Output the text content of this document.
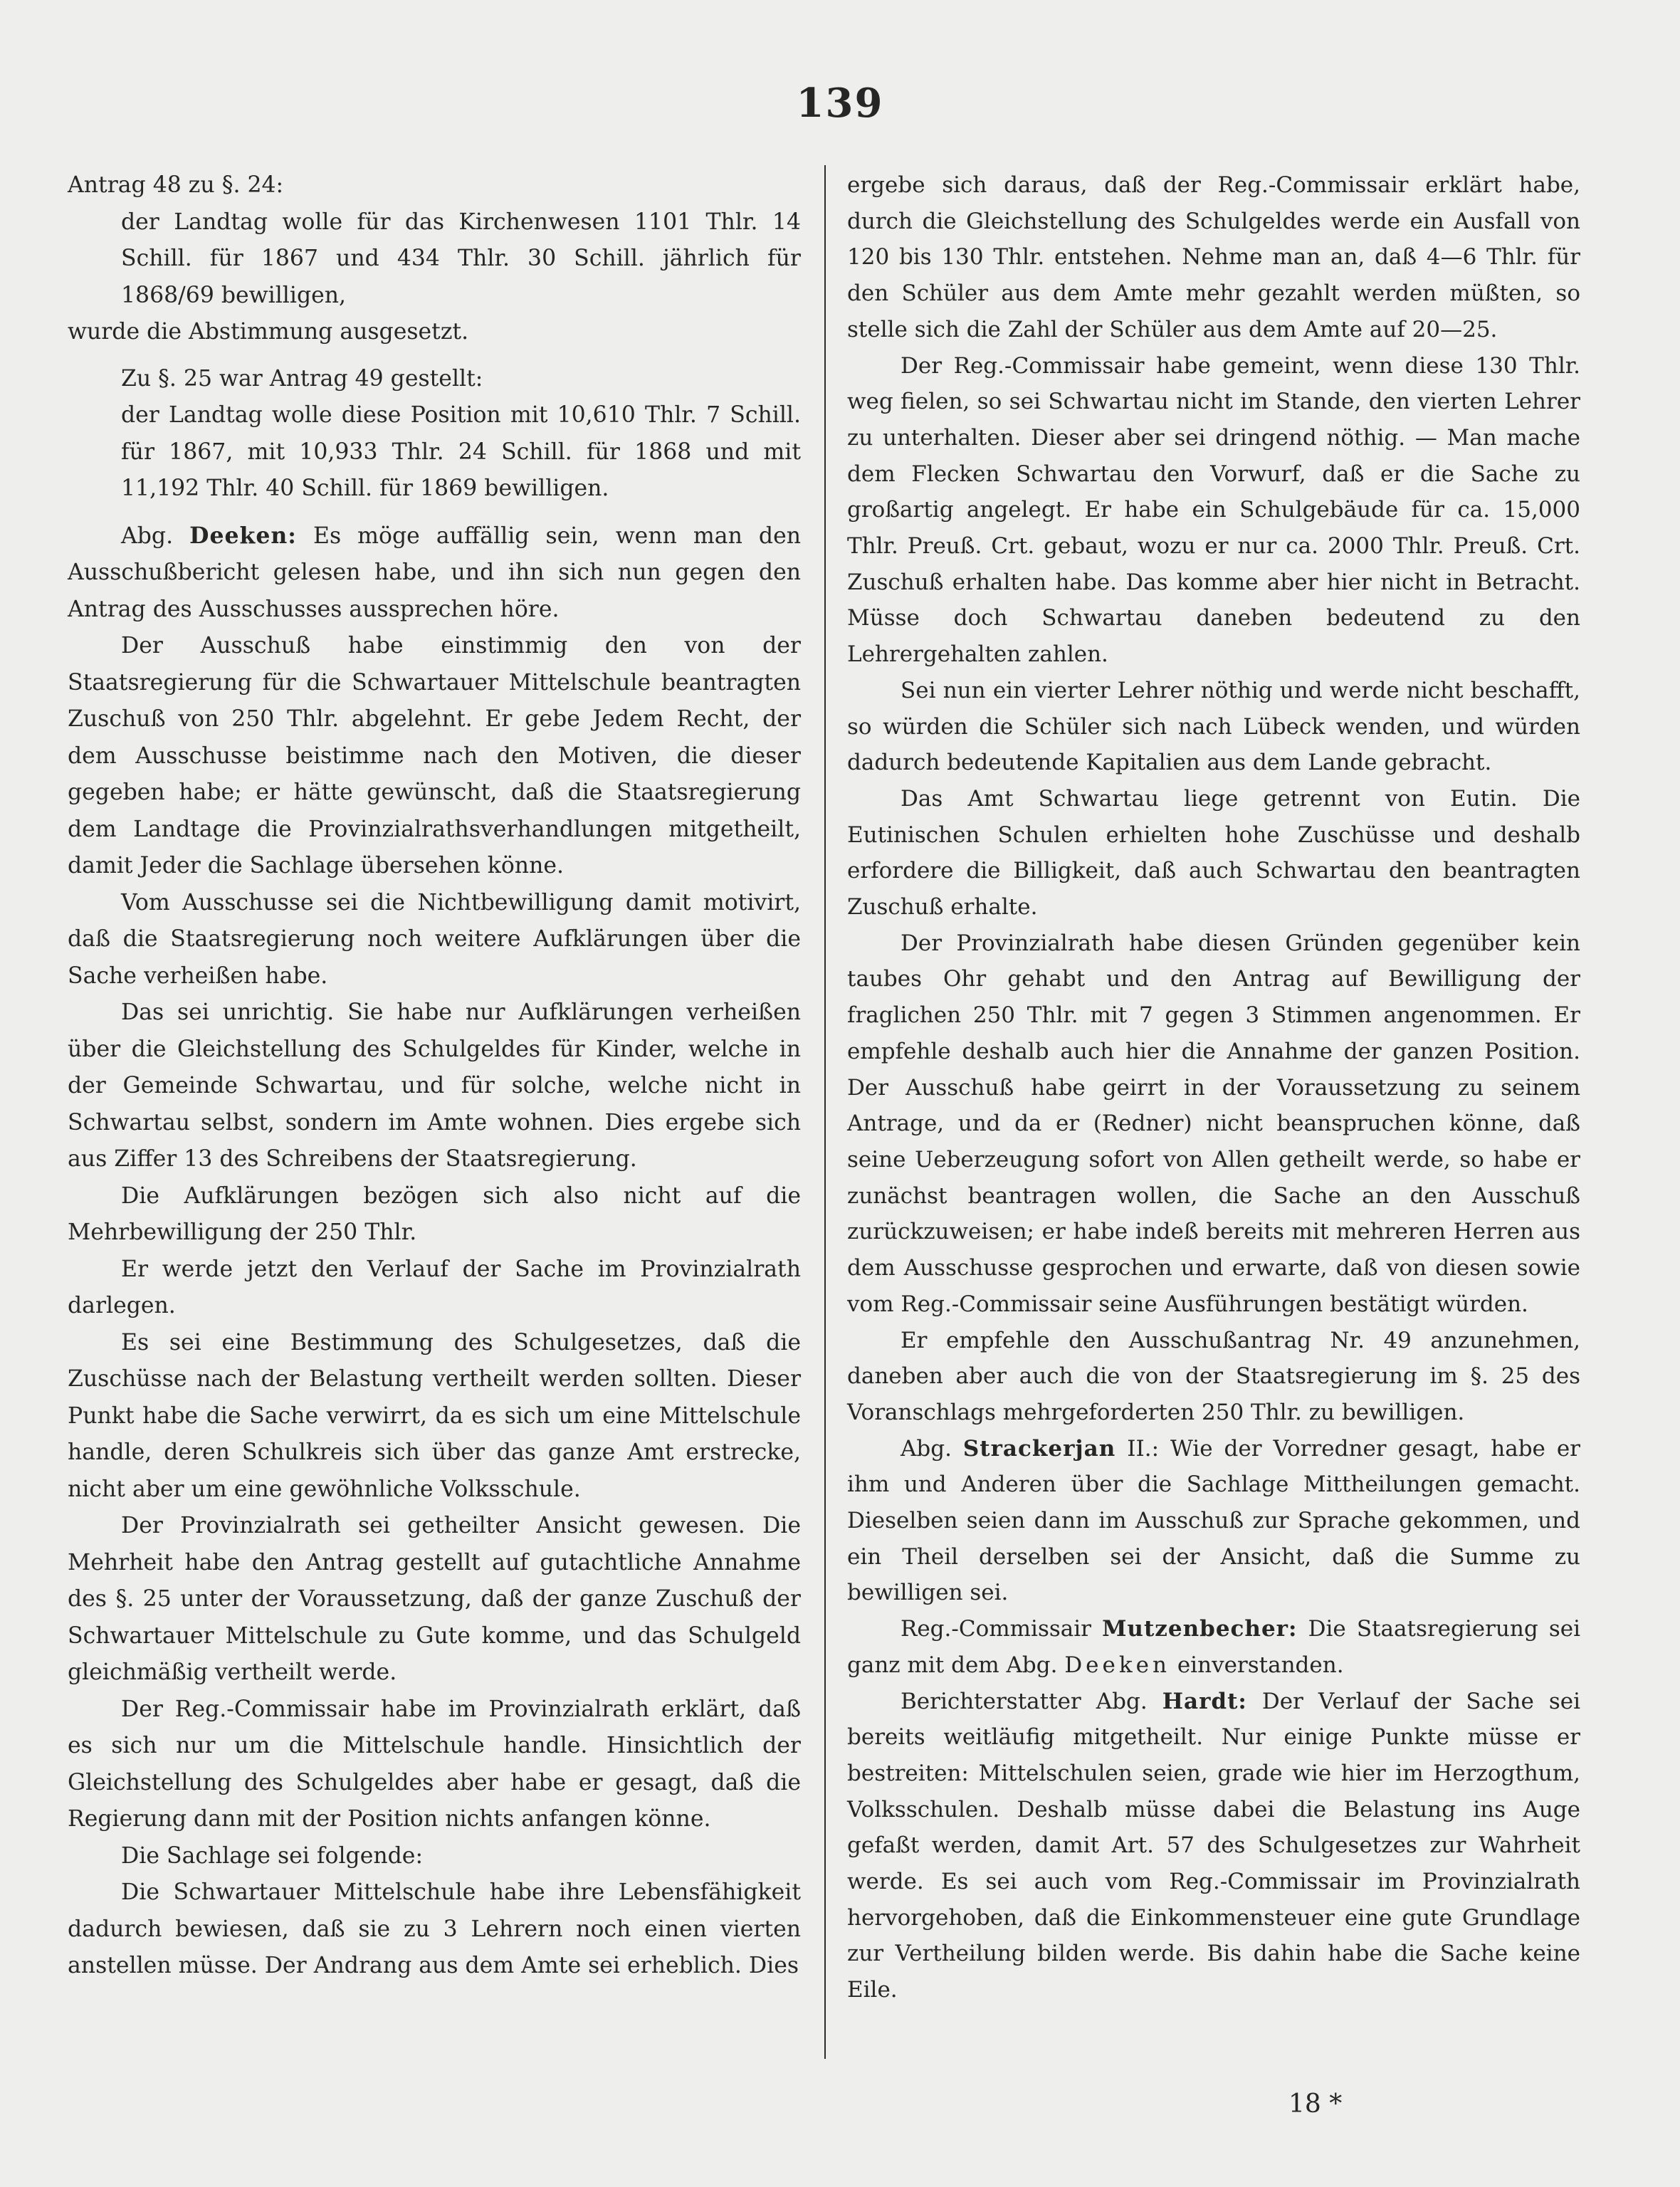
139
Antrag 48 zu §. 24:
der Landtag wolle für das Kirchenwesen 1101 Thlr. 14 Schill. für 1867 und 434 Thlr. 30 Schill. jährlich für 1868/69 bewilligen,
wurde die Abstimmung ausgesetzt.
Zu §. 25 war Antrag 49 gestellt:
der Landtag wolle diese Position mit 10,610 Thlr. 7 Schill. für 1867, mit 10,933 Thlr. 24 Schill. für 1868 und mit 11,192 Thlr. 40 Schill. für 1869 bewilligen.
Abg. Deeken: Es möge auffällig sein, wenn man den Ausschußbericht gelesen habe, und ihn sich nun gegen den Antrag des Ausschusses aussprechen höre.
Der Ausschuß habe einstimmig den von der Staatsregierung für die Schwartauer Mittelschule beantragten Zuschuß von 250 Thlr. abgelehnt. Er gebe Jedem Recht, der dem Ausschusse beistimme nach den Motiven, die dieser gegeben habe; er hätte gewünscht, daß die Staatsregierung dem Landtage die Provinzialrathsverhandlungen mitgetheilt, damit Jeder die Sachlage übersehen könne.
Vom Ausschusse sei die Nichtbewilligung damit motivirt, daß die Staatsregierung noch weitere Aufklärungen über die Sache verheißen habe.
Das sei unrichtig. Sie habe nur Aufklärungen verheißen über die Gleichstellung des Schulgeldes für Kinder, welche in der Gemeinde Schwartau, und für solche, welche nicht in Schwartau selbst, sondern im Amte wohnen. Dies ergebe sich aus Ziffer 13 des Schreibens der Staatsregierung.
Die Aufklärungen bezögen sich also nicht auf die Mehrbewilligung der 250 Thlr.
Er werde jetzt den Verlauf der Sache im Provinzialrath darlegen.
Es sei eine Bestimmung des Schulgesetzes, daß die Zuschüsse nach der Belastung vertheilt werden sollten. Dieser Punkt habe die Sache verwirrt, da es sich um eine Mittelschule handle, deren Schulkreis sich über das ganze Amt erstrecke, nicht aber um eine gewöhnliche Volksschule.
Der Provinzialrath sei getheilter Ansicht gewesen. Die Mehrheit habe den Antrag gestellt auf gutachtliche Annahme des §. 25 unter der Voraussetzung, daß der ganze Zuschuß der Schwartauer Mittelschule zu Gute komme, und das Schulgeld gleichmäßig vertheilt werde.
Der Reg.-Commissair habe im Provinzialrath erklärt, daß es sich nur um die Mittelschule handle. Hinsichtlich der Gleichstellung des Schulgeldes aber habe er gesagt, daß die Regierung dann mit der Position nichts anfangen könne.
Die Sachlage sei folgende:
Die Schwartauer Mittelschule habe ihre Lebensfähigkeit dadurch bewiesen, daß sie zu 3 Lehrern noch einen vierten anstellen müsse. Der Andrang aus dem Amte sei erheblich. Dies
ergebe sich daraus, daß der Reg.-Commissair erklärt habe, durch die Gleichstellung des Schulgeldes werde ein Ausfall von 120 bis 130 Thlr. entstehen. Nehme man an, daß 4—6 Thlr. für den Schüler aus dem Amte mehr gezahlt werden müßten, so stelle sich die Zahl der Schüler aus dem Amte auf 20—25.
Der Reg.-Commissair habe gemeint, wenn diese 130 Thlr. weg fielen, so sei Schwartau nicht im Stande, den vierten Lehrer zu unterhalten. Dieser aber sei dringend nöthig. — Man mache dem Flecken Schwartau den Vorwurf, daß er die Sache zu großartig angelegt. Er habe ein Schulgebäude für ca. 15,000 Thlr. Preuß. Crt. gebaut, wozu er nur ca. 2000 Thlr. Preuß. Crt. Zuschuß erhalten habe. Das komme aber hier nicht in Betracht. Müsse doch Schwartau daneben bedeutend zu den Lehrergehalten zahlen.
Sei nun ein vierter Lehrer nöthig und werde nicht beschafft, so würden die Schüler sich nach Lübeck wenden, und würden dadurch bedeutende Kapitalien aus dem Lande gebracht.
Das Amt Schwartau liege getrennt von Eutin. Die Eutinischen Schulen erhielten hohe Zuschüsse und deshalb erfordere die Billigkeit, daß auch Schwartau den beantragten Zuschuß erhalte.
Der Provinzialrath habe diesen Gründen gegenüber kein taubes Ohr gehabt und den Antrag auf Bewilligung der fraglichen 250 Thlr. mit 7 gegen 3 Stimmen angenommen. Er empfehle deshalb auch hier die Annahme der ganzen Position. Der Ausschuß habe geirrt in der Voraussetzung zu seinem Antrage, und da er (Redner) nicht beanspruchen könne, daß seine Ueberzeugung sofort von Allen getheilt werde, so habe er zunächst beantragen wollen, die Sache an den Ausschuß zurückzuweisen; er habe indeß bereits mit mehreren Herren aus dem Ausschusse gesprochen und erwarte, daß von diesen sowie vom Reg.-Commissair seine Ausführungen bestätigt würden.
Er empfehle den Ausschußantrag Nr. 49 anzunehmen, daneben aber auch die von der Staatsregierung im §. 25 des Voranschlags mehrgeforderten 250 Thlr. zu bewilligen.
Abg. Strackerjan II.: Wie der Vorredner gesagt, habe er ihm und Anderen über die Sachlage Mittheilungen gemacht. Dieselben seien dann im Ausschuß zur Sprache gekommen, und ein Theil derselben sei der Ansicht, daß die Summe zu bewilligen sei.
Reg.-Commissair Mutzenbecher: Die Staatsregierung sei ganz mit dem Abg. Deeken einverstanden.
Berichterstatter Abg. Hardt: Der Verlauf der Sache sei bereits weitläufig mitgetheilt. Nur einige Punkte müsse er bestreiten: Mittelschulen seien, grade wie hier im Herzogthum, Volksschulen. Deshalb müsse dabei die Belastung ins Auge gefaßt werden, damit Art. 57 des Schulgesetzes zur Wahrheit werde. Es sei auch vom Reg.-Commissair im Provinzialrath hervorgehoben, daß die Einkommensteuer eine gute Grundlage zur Vertheilung bilden werde. Bis dahin habe die Sache keine Eile.
18 *
